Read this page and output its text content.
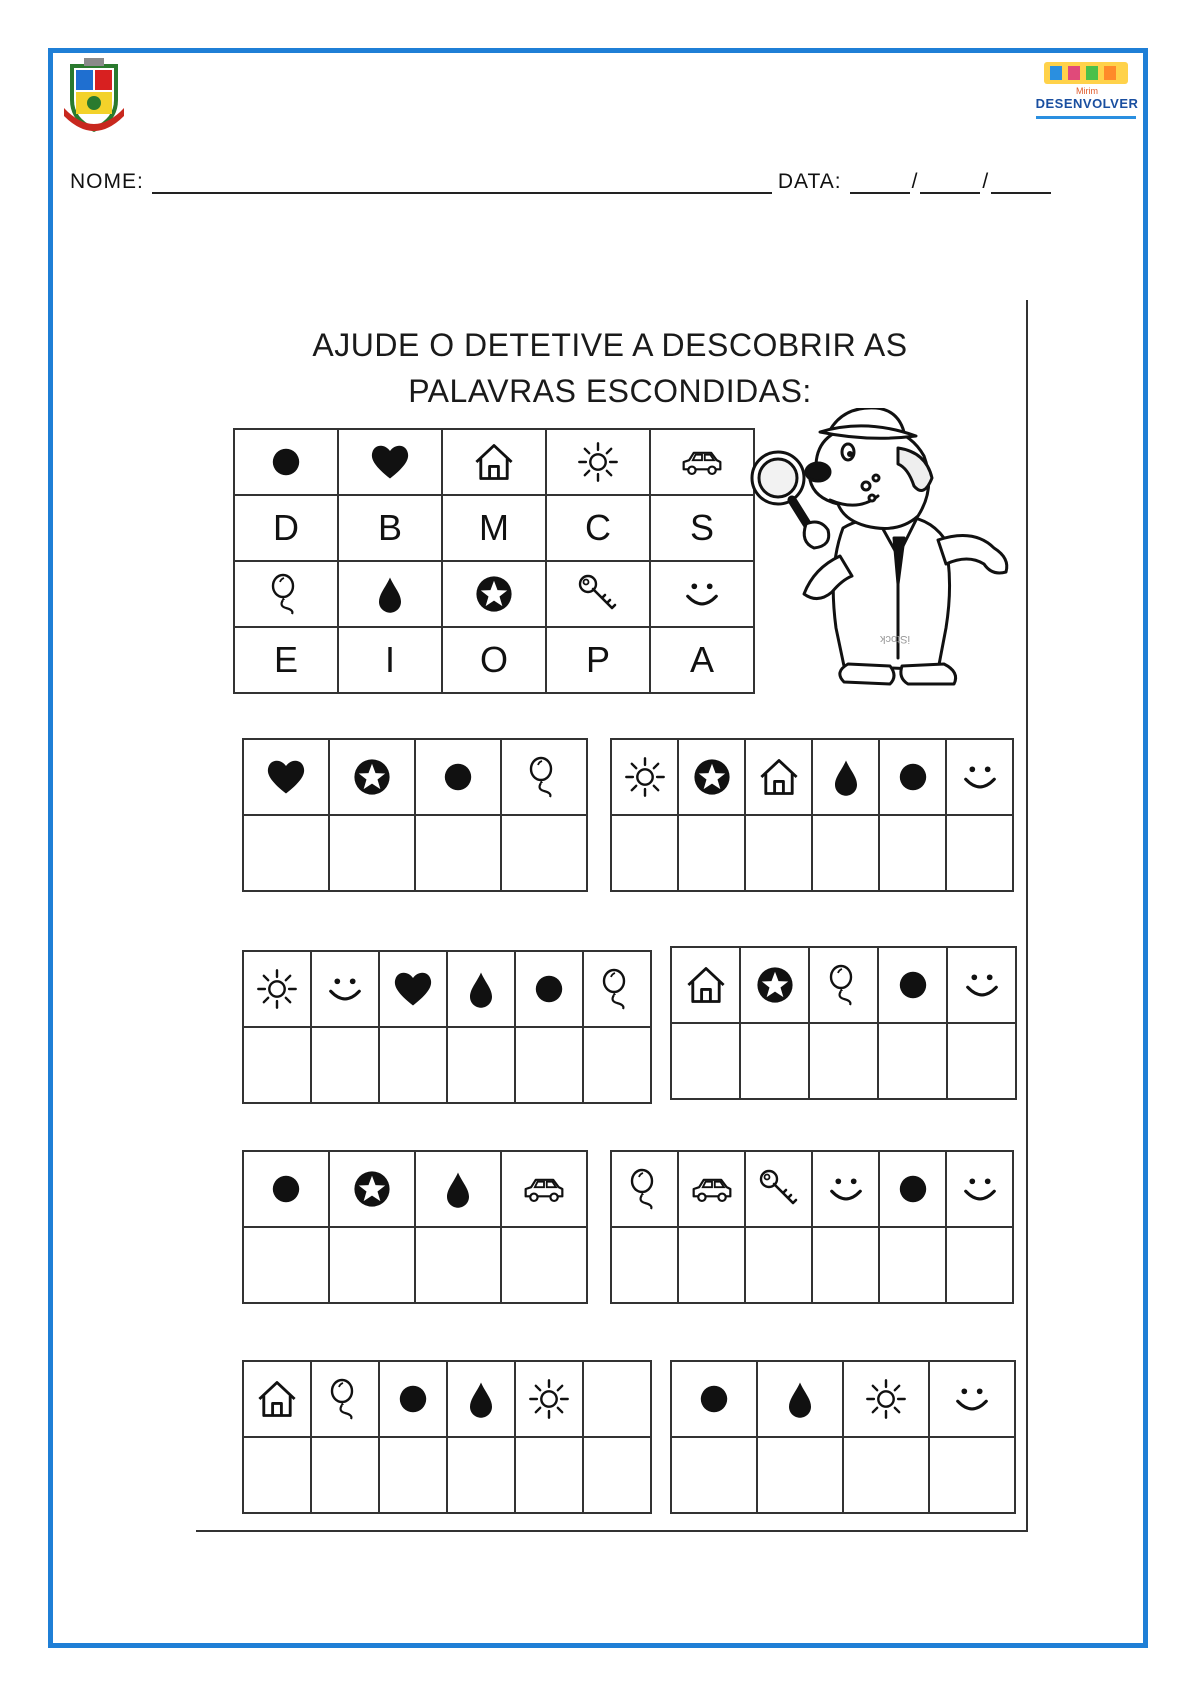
Mirim
DESENVOLVER
NOME:	DATA:	/	/
AJUDE O DETETIVE A DESCOBRIR AS
PALAVRAS ESCONDIDAS:

D	B	M	C	S

E	I	O	P	A	iStock
